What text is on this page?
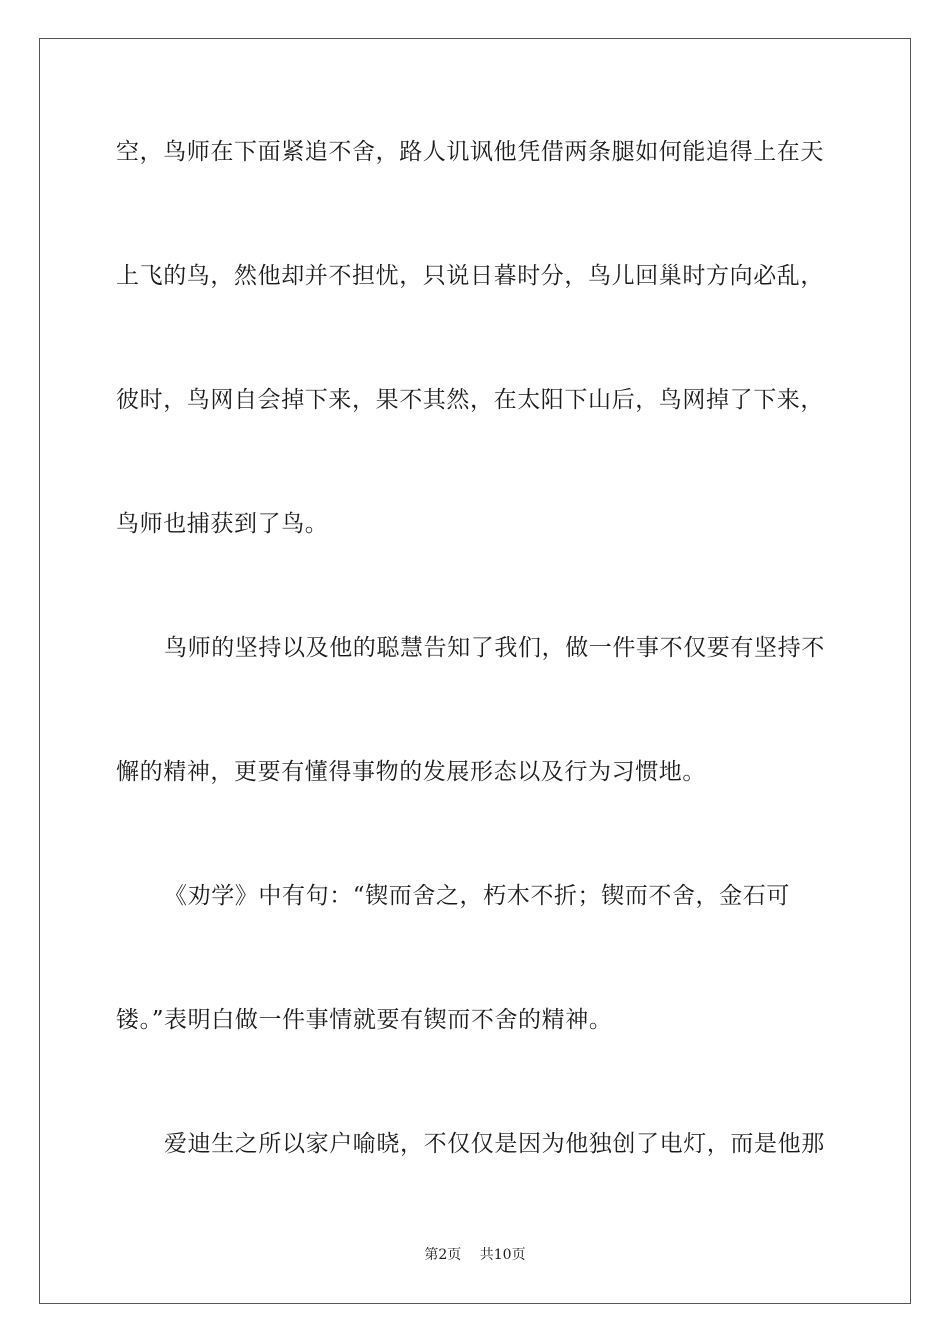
空，鸟师在下面紧追不舍，路人讥讽他凭借两条腿如何能追得上在天
上飞的鸟，然他却并不担忧，只说日暮时分，鸟儿回巢时方向必乱，
彼时，鸟网自会掉下来，果不其然，在太阳下山后，鸟网掉了下来，
鸟师也捕获到了鸟。
鸟师的坚持以及他的聪慧告知了我们，做一件事不仅要有坚持不
懈的精神，更要有懂得事物的发展形态以及行为习惯地。
《劝学》中有句：“锲而舍之，朽木不折；锲而不舍，金石可
镂。”表明白做一件事情就要有锲而不舍的精神。
爱迪生之所以家户喻晓，不仅仅是因为他独创了电灯，而是他那
第2页 共10页
